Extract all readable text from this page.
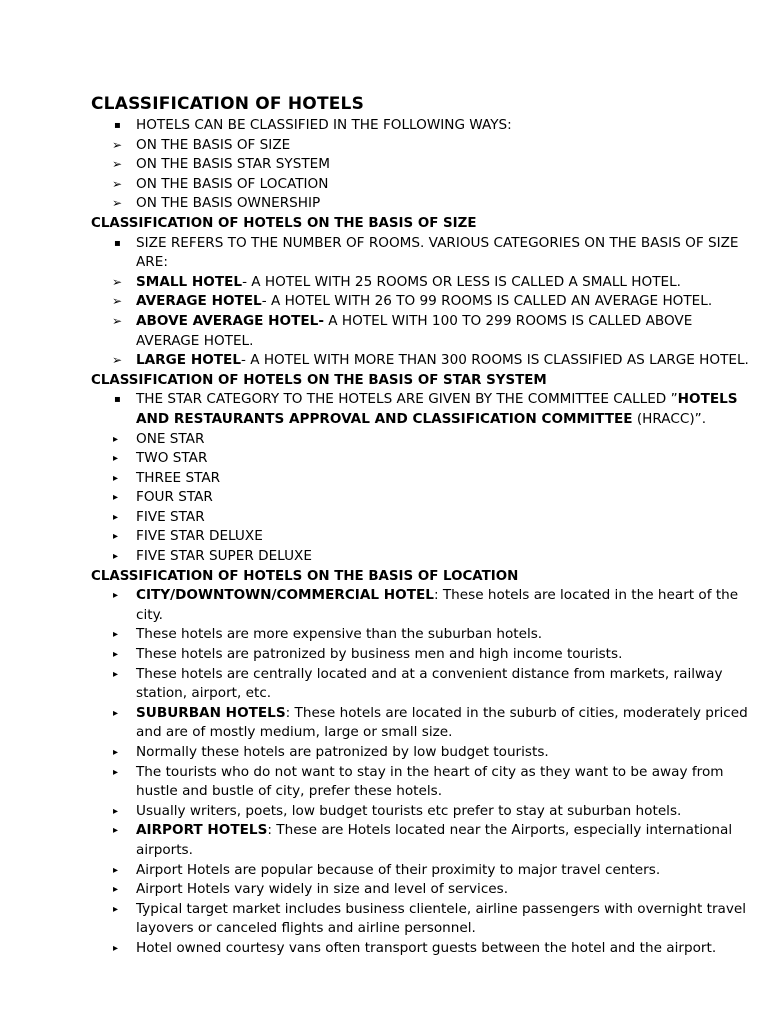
CLASSIFICATION OF HOTELS
▪	HOTELS CAN BE CLASSIFIED IN THE FOLLOWING WAYS:
➢	ON THE BASIS OF SIZE
➢	ON THE BASIS STAR SYSTEM
➢	ON THE BASIS OF LOCATION
➢	ON THE BASIS OWNERSHIP
CLASSIFICATION OF HOTELS ON THE BASIS OF SIZE
▪	SIZE REFERS TO THE NUMBER OF ROOMS. VARIOUS CATEGORIES ON THE BASIS OF SIZE ARE:
➢	SMALL HOTEL- A HOTEL WITH 25 ROOMS OR LESS IS CALLED A SMALL HOTEL.
➢	AVERAGE HOTEL- A HOTEL WITH 26 TO 99 ROOMS IS CALLED AN AVERAGE HOTEL.
➢	ABOVE AVERAGE HOTEL- A HOTEL WITH 100 TO 299 ROOMS IS CALLED ABOVE AVERAGE HOTEL.
➢	LARGE HOTEL- A HOTEL WITH MORE THAN 300 ROOMS IS CLASSIFIED AS LARGE HOTEL.
CLASSIFICATION OF HOTELS ON THE BASIS OF STAR SYSTEM
▪	THE STAR CATEGORY TO THE HOTELS ARE GIVEN BY THE COMMITTEE CALLED ”HOTELS AND RESTAURANTS APPROVAL AND CLASSIFICATION COMMITTEE (HRACC)”.
▸	ONE STAR
▸	TWO STAR
▸	THREE STAR
▸	FOUR STAR
▸	FIVE STAR
▸	FIVE STAR DELUXE
▸	FIVE STAR SUPER DELUXE
CLASSIFICATION OF HOTELS ON THE BASIS OF LOCATION
▸	CITY/DOWNTOWN/COMMERCIAL HOTEL: These hotels are located in the heart of the city.
▸	These hotels are more expensive than the suburban hotels.
▸	These hotels are patronized by business men and high income tourists.
▸	These hotels are centrally located and at a convenient distance from markets, railway station, airport, etc.
▸	SUBURBAN HOTELS: These hotels are located in the suburb of cities, moderately priced and are of mostly medium, large or small size.
▸	Normally these hotels are patronized by low budget tourists.
▸	The tourists who do not want to stay in the heart of city as they want to be away from hustle and bustle of city, prefer these hotels.
▸	Usually writers, poets, low budget tourists etc prefer to stay at suburban hotels.
▸	AIRPORT HOTELS: These are Hotels located near the Airports, especially international airports.
▸	Airport Hotels are popular because of their proximity to major travel centers.
▸	Airport Hotels vary widely in size and level of services.
▸	Typical target market includes business clientele, airline passengers with overnight travel layovers or canceled flights and airline personnel.
▸	Hotel owned courtesy vans often transport guests between the hotel and the airport.
